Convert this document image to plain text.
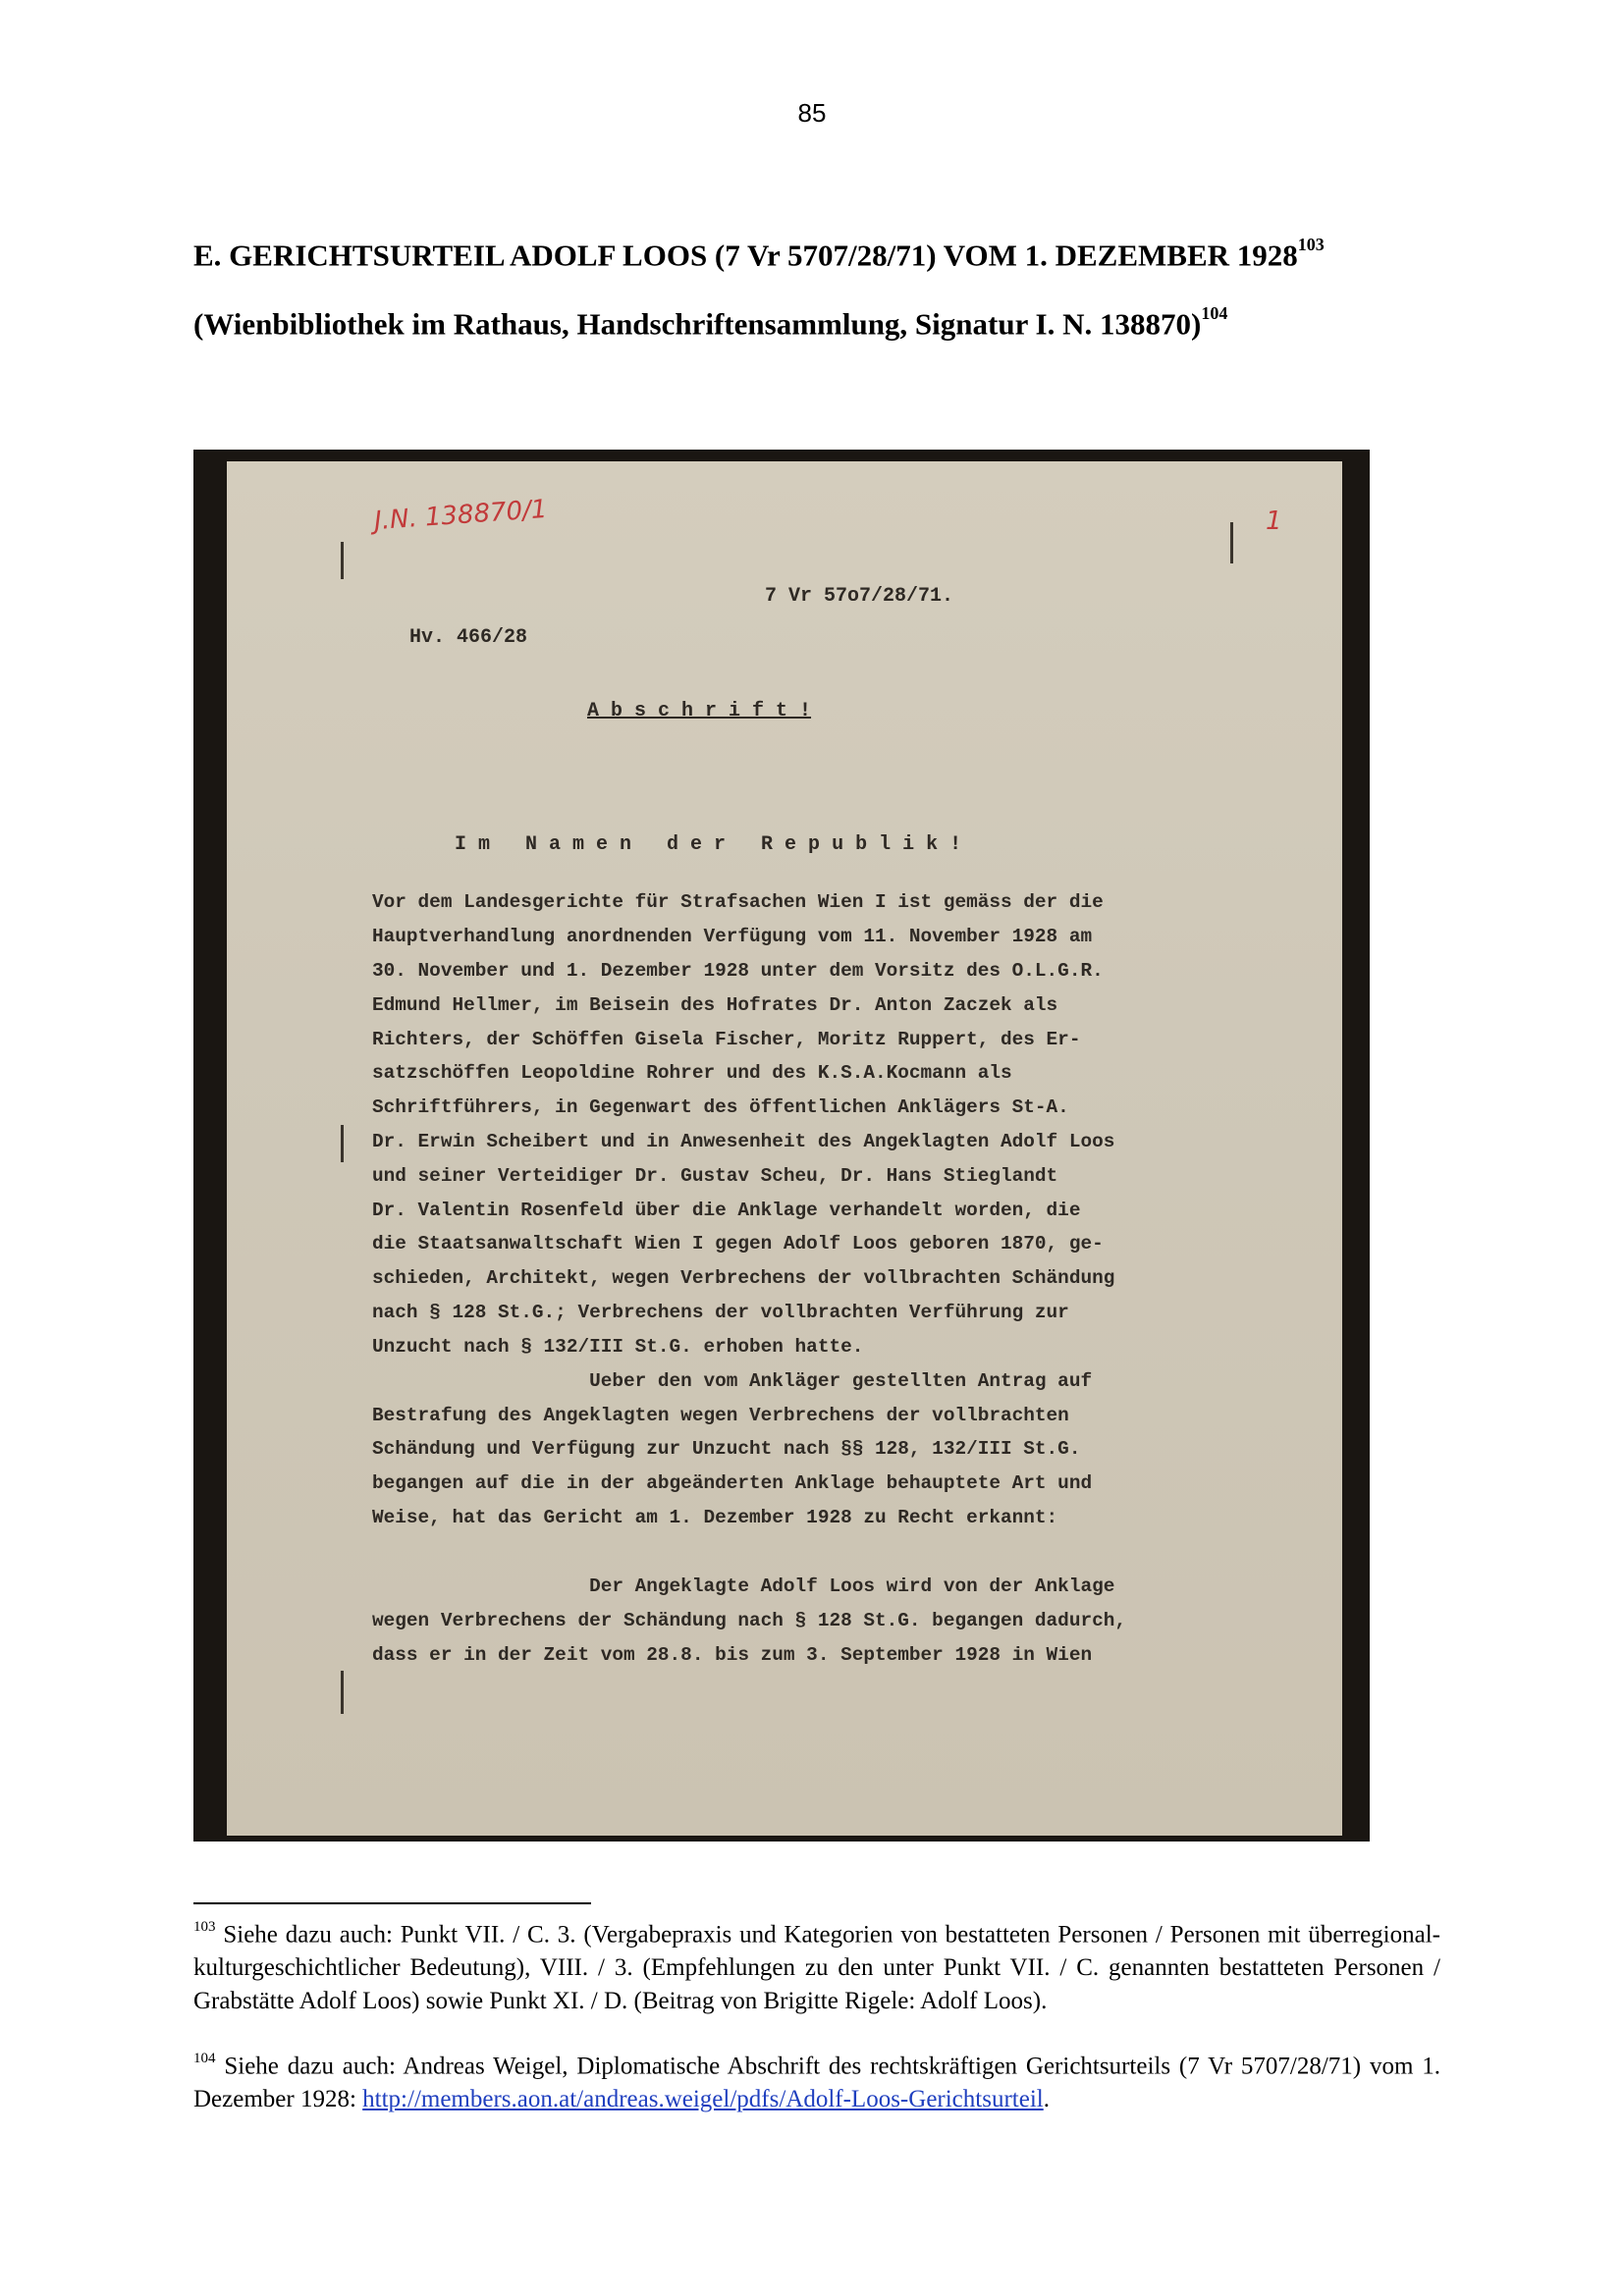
85
E. GERICHTSURTEIL ADOLF LOOS (7 Vr 5707/28/71) VOM 1. DEZEMBER 1928$^{103}$
(Wienbibliothek im Rathaus, Handschriftensammlung, Signatur I. N. 138870)$^{104}$
J.N. 138870/1	1
7 Vr 57o7/28/71.
Hv. 466/28
A b s c h r i f t !
I m   N a m e n   d e r   R e p u b l i k !
Vor dem Landesgerichte für Strafsachen Wien I ist gemäss der die
Hauptverhandlung anordnenden Verfügung vom 11. November 1928 am
30. November und 1. Dezember 1928 unter dem Vorsitz des O.L.G.R.
Edmund Hellmer, im Beisein des Hofrates Dr. Anton Zaczek als
Richters, der Schöffen Gisela Fischer, Moritz Ruppert, des Er-
satzschöffen Leopoldine Rohrer und des K.S.A.Kocmann als
Schriftführers, in Gegenwart des öffentlichen Anklägers St-A.
Dr. Erwin Scheibert und in Anwesenheit des Angeklagten Adolf Loos
und seiner Verteidiger Dr. Gustav Scheu, Dr. Hans Stieglandt
Dr. Valentin Rosenfeld über die Anklage verhandelt worden, die
die Staatsanwaltschaft Wien I gegen Adolf Loos geboren 1870, ge-
schieden, Architekt, wegen Verbrechens der vollbrachten Schändung
nach § 128 St.G.; Verbrechens der vollbrachten Verführung zur
Unzucht nach § 132/III St.G. erhoben hatte.
Ueber den vom Ankläger gestellten Antrag auf
Bestrafung des Angeklagten wegen Verbrechens der vollbrachten
Schändung und Verfügung zur Unzucht nach §§ 128, 132/III St.G.
begangen auf die in der abgeänderten Anklage behauptete Art und
Weise, hat das Gericht am 1. Dezember 1928 zu Recht erkannt:
Der Angeklagte Adolf Loos wird von der Anklage
wegen Verbrechens der Schändung nach § 128 St.G. begangen dadurch,
dass er in der Zeit vom 28.8. bis zum 3. September 1928 in Wien
$^{103}$ Siehe dazu auch: Punkt VII. / C. 3. (Vergabepraxis und Kategorien von bestatteten Personen / Personen mit überregional-kulturgeschichtlicher Bedeutung), VIII. / 3. (Empfehlungen zu den unter Punkt VII. / C. genannten bestatteten Personen / Grabstätte Adolf Loos) sowie Punkt XI. / D. (Beitrag von Brigitte Rigele: Adolf Loos).
$^{104}$ Siehe dazu auch: Andreas Weigel, Diplomatische Abschrift des rechtskräftigen Gerichtsurteils (7 Vr 5707/28/71) vom 1. Dezember 1928: http://members.aon.at/andreas.weigel/pdfs/Adolf-Loos-Gerichtsurteil.
